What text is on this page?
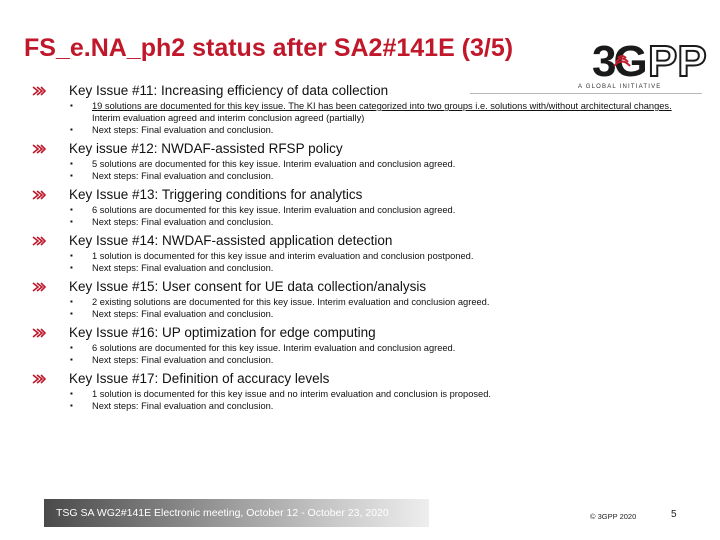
FS_e.NA_ph2 status after SA2#141E (3/5) 3G PP
A GLOBAL INITIATIVE
Key Issue #11: Increasing efficiency of data collection
▪ 19 solutions are documented for this key issue. The KI has been categorized into two groups i.e. solutions with/without architectural changes. Interim evaluation agreed and interim conclusion agreed (partially)
▪ Next steps: Final evaluation and conclusion.
Key issue #12: NWDAF-assisted RFSP policy
▪ 5 solutions are documented for this key issue. Interim evaluation and conclusion agreed.
▪ Next steps: Final evaluation and conclusion.
Key Issue #13: Triggering conditions for analytics
▪ 6 solutions are documented for this key issue. Interim evaluation and conclusion agreed.
▪ Next steps: Final evaluation and conclusion.
Key Issue #14: NWDAF-assisted application detection
▪ 1 solution is documented for this key issue and interim evaluation and conclusion postponed.
▪ Next steps: Final evaluation and conclusion.
Key Issue #15: User consent for UE data collection/analysis
▪ 2 existing solutions are documented for this key issue. Interim evaluation and conclusion agreed.
▪ Next steps: Final evaluation and conclusion.
Key Issue #16: UP optimization for edge computing
▪ 6 solutions are documented for this key issue. Interim evaluation and conclusion agreed.
▪ Next steps: Final evaluation and conclusion.
Key Issue #17: Definition of accuracy levels
▪ 1 solution is documented for this key issue and no interim evaluation and conclusion is proposed.
▪ Next steps: Final evaluation and conclusion.
TSG SA WG2#141E Electronic meeting, October 12 - October 23, 2020	© 3GPP 2020	5
